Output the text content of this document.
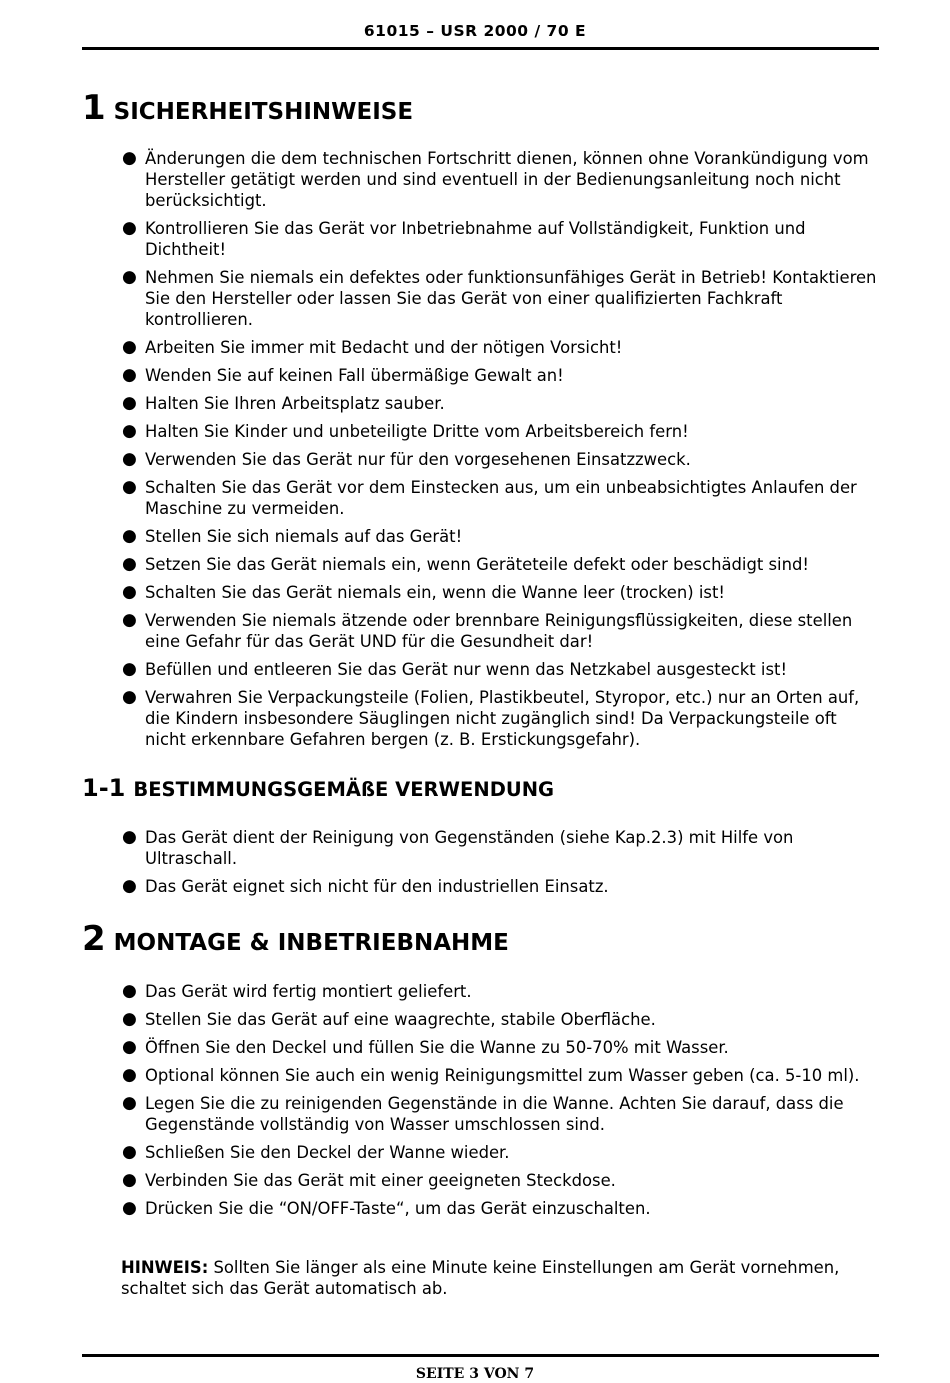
61015 – USR 2000 / 70 E
1 SICHERHEITSHINWEISE
● Änderungen die dem technischen Fortschritt dienen, können ohne Vorankündigung vom Hersteller getätigt werden und sind eventuell in der Bedienungsanleitung noch nicht berücksichtigt.
● Kontrollieren Sie das Gerät vor Inbetriebnahme auf Vollständigkeit, Funktion und Dichtheit!
● Nehmen Sie niemals ein defektes oder funktionsunfähiges Gerät in Betrieb! Kontaktieren Sie den Hersteller oder lassen Sie das Gerät von einer qualifizierten Fachkraft kontrollieren.
● Arbeiten Sie immer mit Bedacht und der nötigen Vorsicht!
● Wenden Sie auf keinen Fall übermäßige Gewalt an!
● Halten Sie Ihren Arbeitsplatz sauber.
● Halten Sie Kinder und unbeteiligte Dritte vom Arbeitsbereich fern!
● Verwenden Sie das Gerät nur für den vorgesehenen Einsatzzweck.
● Schalten Sie das Gerät vor dem Einstecken aus, um ein unbeabsichtigtes Anlaufen der Maschine zu vermeiden.
● Stellen Sie sich niemals auf das Gerät!
● Setzen Sie das Gerät niemals ein, wenn Geräteteile defekt oder beschädigt sind!
● Schalten Sie das Gerät niemals ein, wenn die Wanne leer (trocken) ist!
● Verwenden Sie niemals ätzende oder brennbare Reinigungsflüssigkeiten, diese stellen eine Gefahr für das Gerät UND für die Gesundheit dar!
● Befüllen und entleeren Sie das Gerät nur wenn das Netzkabel ausgesteckt ist!
● Verwahren Sie Verpackungsteile (Folien, Plastikbeutel, Styropor, etc.) nur an Orten auf, die Kindern insbesondere Säuglingen nicht zugänglich sind! Da Verpackungsteile oft nicht erkennbare Gefahren bergen (z. B. Erstickungsgefahr).
1-1 BESTIMMUNGSGEMÄßE VERWENDUNG
● Das Gerät dient der Reinigung von Gegenständen (siehe Kap.2.3) mit Hilfe von Ultraschall.
● Das Gerät eignet sich nicht für den industriellen Einsatz.
2 MONTAGE & INBETRIEBNAHME
● Das Gerät wird fertig montiert geliefert.
● Stellen Sie das Gerät auf eine waagrechte, stabile Oberfläche.
● Öffnen Sie den Deckel und füllen Sie die Wanne zu 50-70% mit Wasser.
● Optional können Sie auch ein wenig Reinigungsmittel zum Wasser geben (ca. 5-10 ml).
● Legen Sie die zu reinigenden Gegenstände in die Wanne. Achten Sie darauf, dass die Gegenstände vollständig von Wasser umschlossen sind.
● Schließen Sie den Deckel der Wanne wieder.
● Verbinden Sie das Gerät mit einer geeigneten Steckdose.
● Drücken Sie die “ON/OFF-Taste“, um das Gerät einzuschalten.
HINWEIS: Sollten Sie länger als eine Minute keine Einstellungen am Gerät vornehmen, schaltet sich das Gerät automatisch ab.
SEITE 3 VON 7
